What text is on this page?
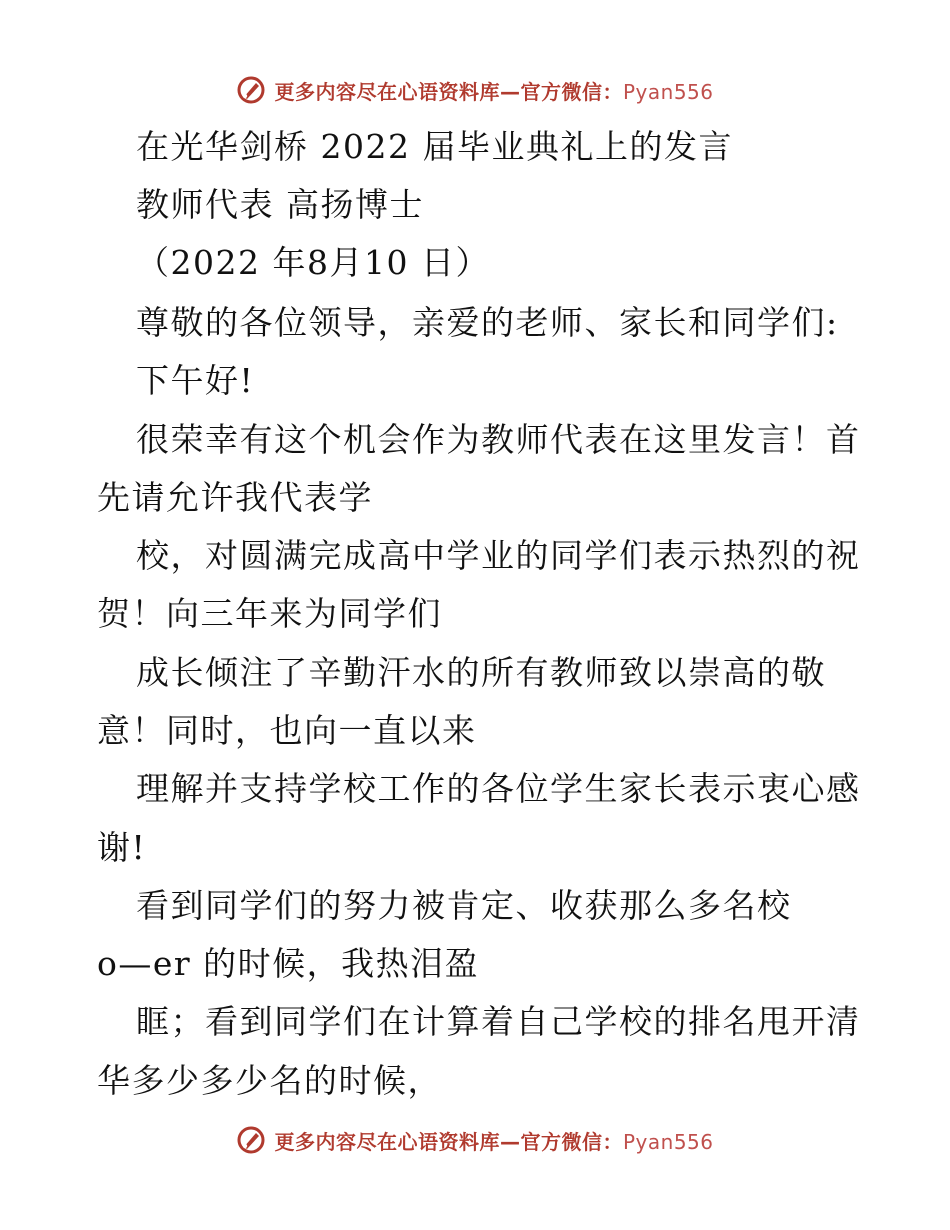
更多内容尽在心语资料库—官方微信：Pyan556
在光华剑桥 2022 届毕业典礼上的发言
教师代表 高扬博士
（2022 年8月10 日）
尊敬的各位领导，亲爱的老师、家长和同学们:
下午好!
很荣幸有这个机会作为教师代表在这里发言！首
先请允许我代表学
校，对圆满完成高中学业的同学们表示热烈的祝
贺！向三年来为同学们
成长倾注了辛勤汗水的所有教师致以崇高的敬
意！同时，也向一直以来
理解并支持学校工作的各位学生家长表示衷心感
谢!
看到同学们的努力被肯定、收获那么多名校
o—er 的时候，我热泪盈
眶；看到同学们在计算着自己学校的排名甩开清
华多少多少名的时候，
更多内容尽在心语资料库—官方微信：Pyan556
